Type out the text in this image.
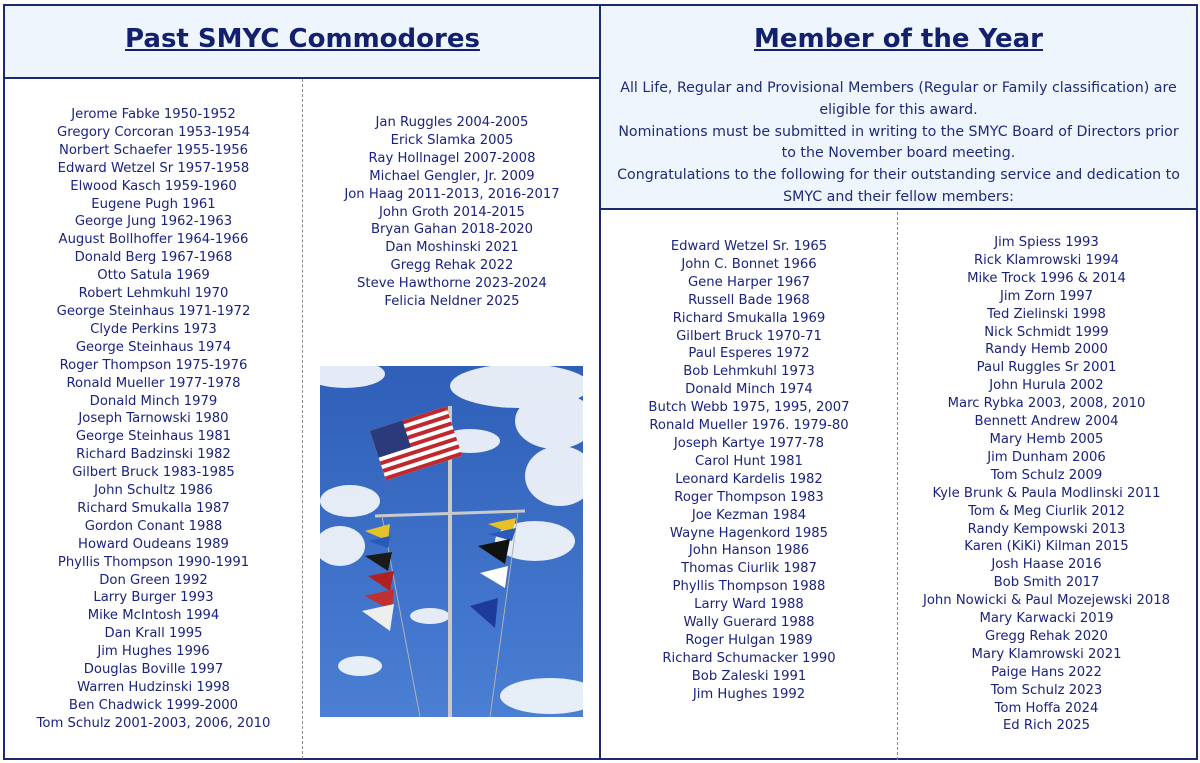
Past SMYC Commodores
Jerome Fabke 1950-1952
Gregory Corcoran 1953-1954
Norbert Schaefer 1955-1956
Edward Wetzel Sr 1957-1958
Elwood Kasch 1959-1960
Eugene Pugh 1961
George Jung 1962-1963
August Bollhoffer 1964-1966
Donald Berg 1967-1968
Otto Satula 1969
Robert Lehmkuhl 1970
George Steinhaus 1971-1972
Clyde Perkins 1973
George Steinhaus 1974
Roger Thompson 1975-1976
Ronald Mueller 1977-1978
Donald Minch 1979
Joseph Tarnowski 1980
George Steinhaus 1981
Richard Badzinski 1982
Gilbert Bruck 1983-1985
John Schultz 1986
Richard Smukalla 1987
Gordon Conant 1988
Howard Oudeans 1989
Phyllis Thompson 1990-1991
Don Green 1992
Larry Burger 1993
Mike McIntosh 1994
Dan Krall 1995
Jim Hughes 1996
Douglas Boville 1997
Warren Hudzinski 1998
Ben Chadwick 1999-2000
Tom Schulz 2001-2003, 2006, 2010
Jan Ruggles 2004-2005
Erick Slamka 2005
Ray Hollnagel 2007-2008
Michael Gengler, Jr. 2009
Jon Haag 2011-2013, 2016-2017
John Groth 2014-2015
Bryan Gahan 2018-2020
Dan Moshinski 2021
Gregg Rehak 2022
Steve Hawthorne 2023-2024
Felicia Neldner 2025
Member of the Year

All Life, Regular and Provisional Members (Regular or Family classification) are eligible for this award.

Nominations must be submitted in writing to the SMYC Board of Directors prior to the November board meeting.

Congratulations to the following for their outstanding service and dedication to SMYC and their fellow members:

Edward Wetzel Sr. 1965
John C. Bonnet 1966
Gene Harper 1967
Russell Bade 1968
Richard Smukalla 1969
Gilbert Bruck 1970-71
Paul Esperes 1972
Bob Lehmkuhl 1973
Donald Minch 1974
Butch Webb 1975, 1995, 2007
Ronald Mueller 1976. 1979-80
Joseph Kartye 1977-78
Carol Hunt 1981
Leonard Kardelis 1982
Roger Thompson 1983
Joe Kezman 1984
Wayne Hagenkord 1985
John Hanson 1986
Thomas Ciurlik 1987
Phyllis Thompson 1988
Larry Ward 1988
Wally Guerard 1988
Roger Hulgan 1989
Richard Schumacker 1990
Bob Zaleski 1991
Jim Hughes 1992
Jim Spiess 1993
Rick Klamrowski 1994
Mike Trock 1996 & 2014
Jim Zorn 1997
Ted Zielinski 1998
Nick Schmidt 1999
Randy Hemb 2000
Paul Ruggles Sr 2001
John Hurula 2002
Marc Rybka 2003, 2008, 2010
Bennett Andrew 2004
Mary Hemb 2005
Jim Dunham 2006
Tom Schulz 2009
Kyle Brunk & Paula Modlinski 2011
Tom & Meg Ciurlik 2012
Randy Kempowski 2013
Karen (KiKi) Kilman 2015
Josh Haase 2016
Bob Smith 2017
John Nowicki & Paul Mozejewski 2018
Mary Karwacki 2019
Gregg Rehak 2020
Mary Klamrowski 2021
Paige Hans 2022
Tom Schulz 2023
Tom Hoffa 2024
Ed Rich 2025
